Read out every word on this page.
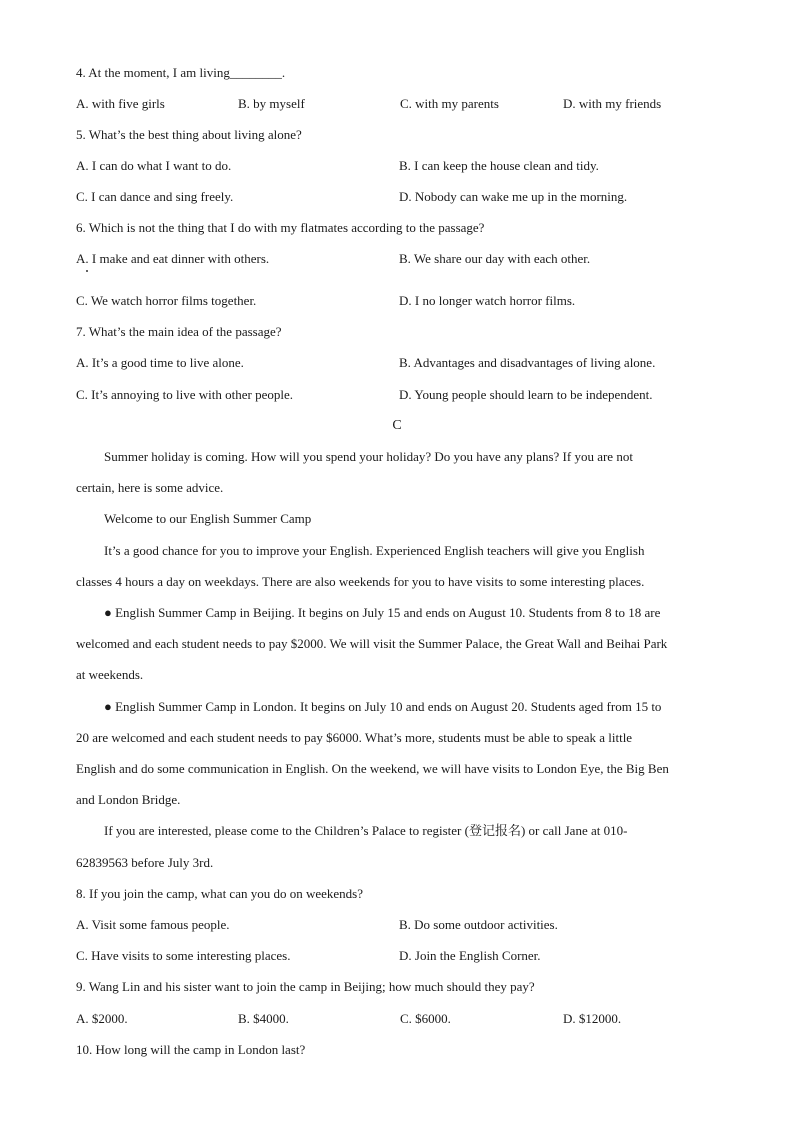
4. At the moment, I am living________.
A. with five girls	B. by myself	C. with my parents	D. with my friends
5. What’s the best thing about living alone?
A. I can do what I want to do.	B. I can keep the house clean and tidy.
C. I can dance and sing freely.	D. Nobody can wake me up in the morning.
6. Which is not the thing that I do with my flatmates according to the passage?
A. I make and eat dinner with others.	B. We share our day with each other.
C. We watch horror films together.	D. I no longer watch horror films.
7. What’s the main idea of the passage?
A. It’s a good time to live alone.	B. Advantages and disadvantages of living alone.
C. It’s annoying to live with other people.	D. Young people should learn to be independent.
C
Summer holiday is coming. How will you spend your holiday? Do you have any plans? If you are not
certain, here is some advice.
Welcome to our English Summer Camp
It’s a good chance for you to improve your English. Experienced English teachers will give you English
classes 4 hours a day on weekdays. There are also weekends for you to have visits to some interesting places.
● English Summer Camp in Beijing. It begins on July 15 and ends on August 10. Students from 8 to 18 are
welcomed and each student needs to pay $2000. We will visit the Summer Palace, the Great Wall and Beihai Park
at weekends.
● English Summer Camp in London. It begins on July 10 and ends on August 20. Students aged from 15 to
20 are welcomed and each student needs to pay $6000. What’s more, students must be able to speak a little
English and do some communication in English. On the weekend, we will have visits to London Eye, the Big Ben
and London Bridge.
If you are interested, please come to the Children’s Palace to register (登记报名) or call Jane at 010-
62839563 before July 3rd.
8. If you join the camp, what can you do on weekends?
A. Visit some famous people.	B. Do some outdoor activities.
C. Have visits to some interesting places.	D. Join the English Corner.
9. Wang Lin and his sister want to join the camp in Beijing; how much should they pay?
A. $2000.	B. $4000.	C. $6000.	D. $12000.
10. How long will the camp in London last?
